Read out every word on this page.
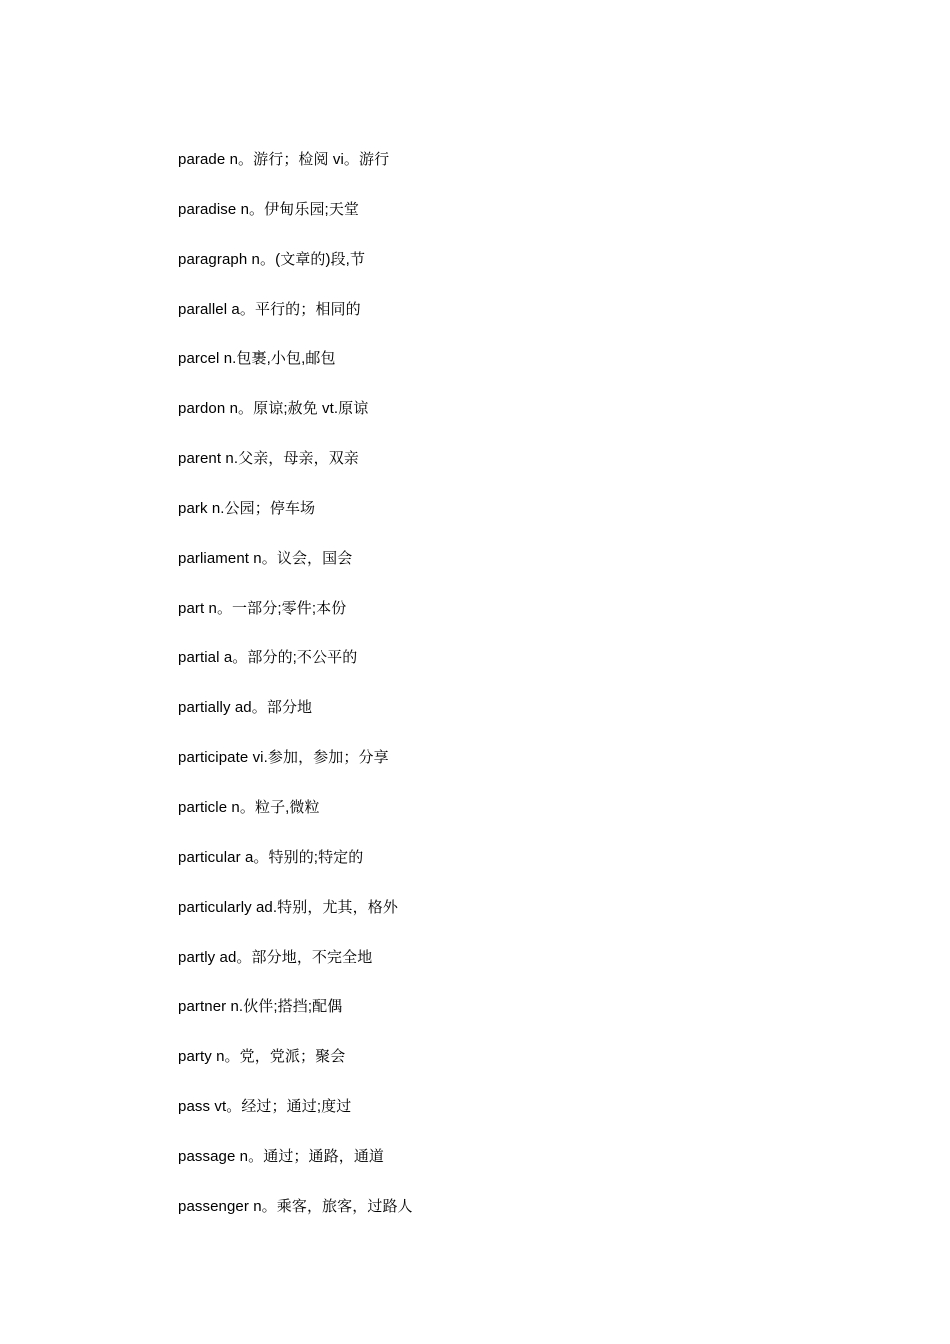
parade n。游行；检阅 vi。游行
paradise n。伊甸乐园;天堂
paragraph n。(文章的)段,节
parallel a。平行的；相同的
parcel n.包裹,小包,邮包
pardon n。原谅;赦免 vt.原谅
parent n.父亲，母亲，双亲
park n.公园；停车场
parliament n。议会，国会
part n。一部分;零件;本份
partial a。部分的;不公平的
partially ad。部分地
participate vi.参加，参加；分享
particle n。粒子,微粒
particular a。特别的;特定的
particularly ad.特别，尤其，格外
partly ad。部分地，不完全地
partner n.伙伴;搭挡;配偶
party n。党，党派；聚会
pass vt。经过；通过;度过
passage n。通过；通路，通道
passenger n。乘客，旅客，过路人
